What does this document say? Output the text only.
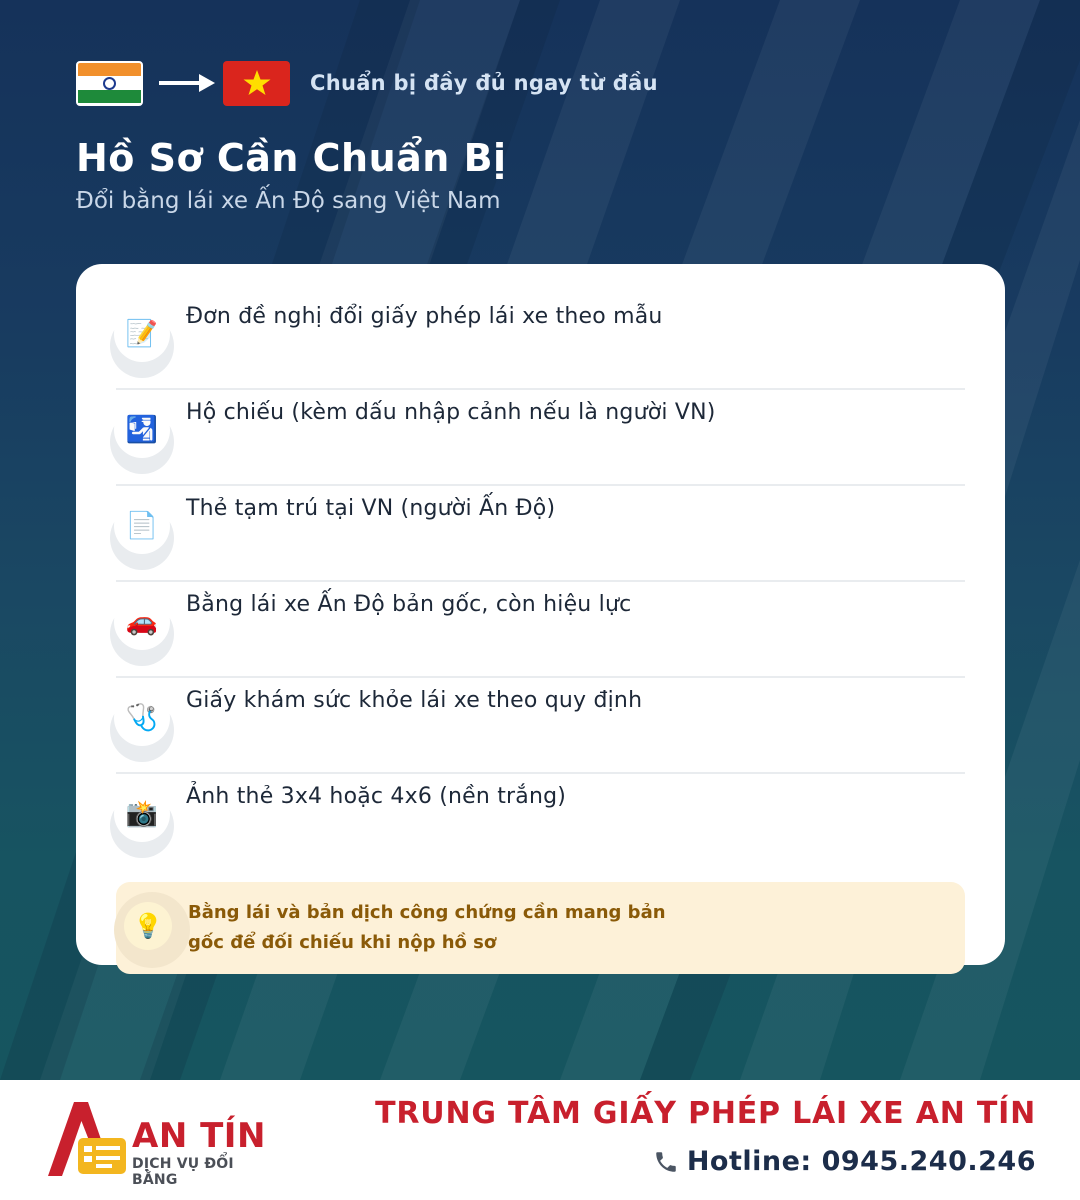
Chuẩn bị đầy đủ ngay từ đầu
Hồ Sơ Cần Chuẩn Bị
Đổi bằng lái xe Ấn Độ sang Việt Nam
📝
Đơn đề nghị đổi giấy phép lái xe theo mẫu
🛂
Hộ chiếu (kèm dấu nhập cảnh nếu là người VN)
📄
Thẻ tạm trú tại VN (người Ấn Độ)
🚗
Bằng lái xe Ấn Độ bản gốc, còn hiệu lực
🩺
Giấy khám sức khỏe lái xe theo quy định
📸
Ảnh thẻ 3x4 hoặc 4x6 (nền trắng)
💡	Bằng lái và bản dịch công chứng cần mang bản
gốc để đối chiếu khi nộp hồ sơ
AN TÍN
DỊCH VỤ ĐỔI BẰNG
TRUNG TÂM GIẤY PHÉP LÁI XE AN TÍN
Hotline: 0945.240.246
